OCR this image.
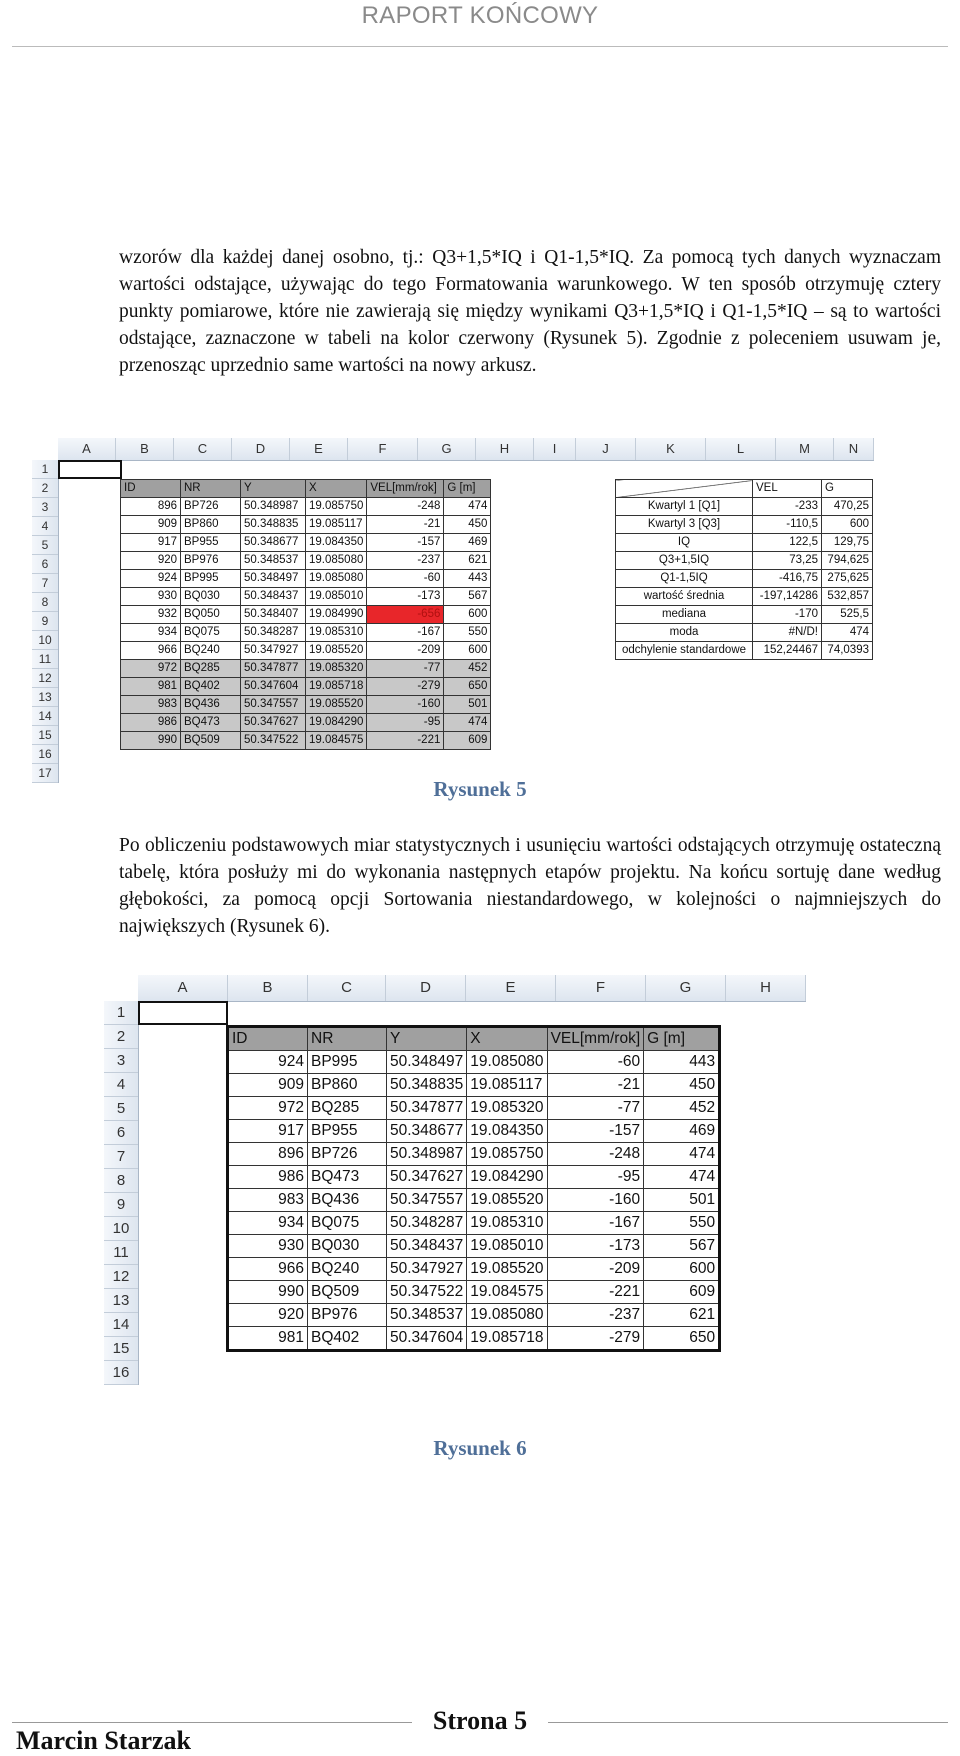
RAPORT KOŃCOWY

wzorów dla każdej danej osobno, tj.: Q3+1,5*IQ i Q1-1,5*IQ. Za pomocą tych danych wyznaczam wartości odstające, używając do tego Formatowania warunkowego. W ten sposób otrzymuję cztery punkty pomiarowe, które nie zawierają się między wynikami Q3+1,5*IQ i Q1-1,5*IQ – są to wartości odstające, zaznaczone w tabeli na kolor czerwony (Rysunek 5). Zgodnie z poleceniem usuwam je, przenosząc uprzednio same wartości na nowy arkusz.

A	B	C	D	E	F	G	H	I	J	K	L	M	N
1
2
3
4
5
6
7
8
9
10
11
12
13
14
15
16
17
ID	NR	Y	X	VEL[mm/rok]	G [m]
896	BP726	50.348987	19.085750	-248	474
909	BP860	50.348835	19.085117	-21	450
917	BP955	50.348677	19.084350	-157	469
920	BP976	50.348537	19.085080	-237	621
924	BP995	50.348497	19.085080	-60	443
930	BQ030	50.348437	19.085010	-173	567
932	BQ050	50.348407	19.084990	-656	600
934	BQ075	50.348287	19.085310	-167	550
966	BQ240	50.347927	19.085520	-209	600
972	BQ285	50.347877	19.085320	-77	452
981	BQ402	50.347604	19.085718	-279	650
983	BQ436	50.347557	19.085520	-160	501
986	BQ473	50.347627	19.084290	-95	474
990	BQ509	50.347522	19.084575	-221	609
	VEL	G
Kwartyl 1 [Q1]	-233	470,25
Kwartyl 3 [Q3]	-110,5	600
IQ	122,5	129,75
Q3+1,5IQ	73,25	794,625
Q1-1,5IQ	-416,75	275,625
wartość średnia	-197,14286	532,857
mediana	-170	525,5
moda	#N/D!	474
odchylenie standardowe	152,24467	74,0393
Rysunek 5

Po obliczeniu podstawowych miar statystycznych i usunięciu wartości odstających otrzymuję ostateczną tabelę, która posłuży mi do wykonania następnych etapów projektu. Na końcu sortuję dane według głębokości, za pomocą opcji Sortowania niestandardowego, w kolejności o najmniejszych do największych (Rysunek 6).

A	B	C	D	E	F	G	H
1
2
3
4
5
6
7
8
9
10
11
12
13
14
15
16
ID	NR	Y	X	VEL[mm/rok]	G [m]
924	BP995	50.348497	19.085080	-60	443
909	BP860	50.348835	19.085117	-21	450
972	BQ285	50.347877	19.085320	-77	452
917	BP955	50.348677	19.084350	-157	469
896	BP726	50.348987	19.085750	-248	474
986	BQ473	50.347627	19.084290	-95	474
983	BQ436	50.347557	19.085520	-160	501
934	BQ075	50.348287	19.085310	-167	550
930	BQ030	50.348437	19.085010	-173	567
966	BQ240	50.347927	19.085520	-209	600
990	BQ509	50.347522	19.084575	-221	609
920	BP976	50.348537	19.085080	-237	621
981	BQ402	50.347604	19.085718	-279	650
Rysunek 6
Strona 5
Marcin Starzak
